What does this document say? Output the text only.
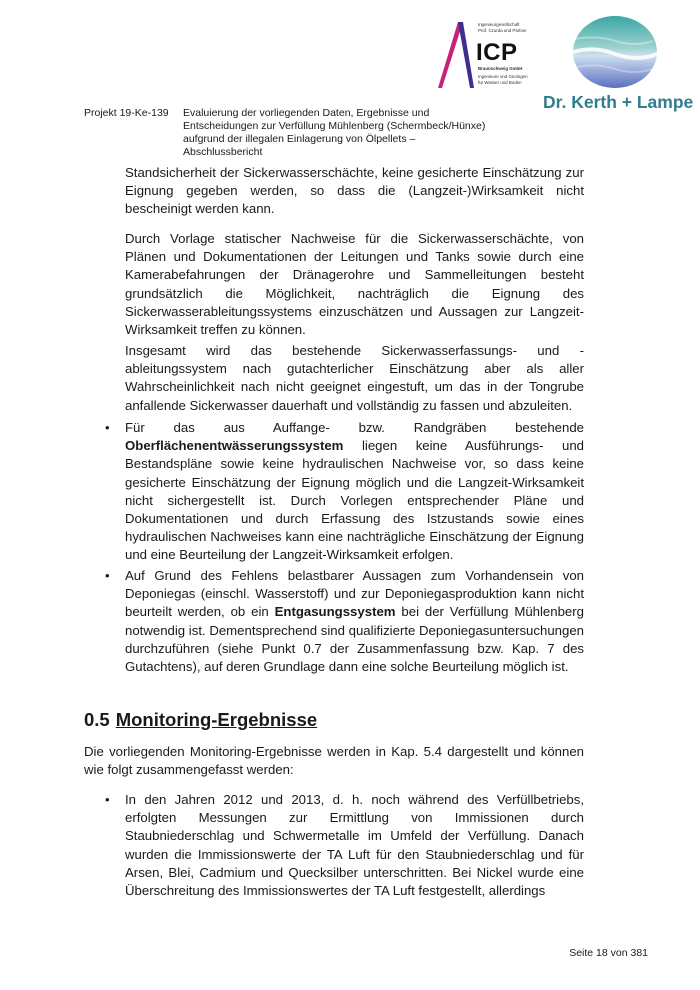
Projekt 19-Ke-139 Evaluierung der vorliegenden Daten, Ergebnisse und Entscheidungen zur Verfüllung Mühlenberg (Schermbeck/Hünxe) aufgrund der illegalen Einlagerung von Ölpellets – Abschlussbericht
Ingenieurgesellschaft
Prof. Czurda und Partner
ICP
Braunschweig GmbH
Ingenieure und Geologen
für Wasser und Boden
Dr. Kerth + Lampe
Standsicherheit der Sickerwasserschächte, keine gesicherte Einschätzung zur Eignung gegeben werden, so dass die (Langzeit-)Wirksamkeit nicht bescheinigt werden kann.
Durch Vorlage statischer Nachweise für die Sickerwasserschächte, von Plänen und Dokumentationen der Leitungen und Tanks sowie durch eine Kamerabefahrungen der Dränagerohre und Sammelleitungen besteht grundsätzlich die Möglichkeit, nachträglich die Eignung des Sickerwasserableitungssystems einzuschätzen und Aussagen zur Langzeit-Wirksamkeit treffen zu können.
Insgesamt wird das bestehende Sickerwasserfassungs- und -ableitungssystem nach gutachterlicher Einschätzung aber als aller Wahrscheinlichkeit nach nicht geeignet eingestuft, um das in der Tongrube anfallende Sickerwasser dauerhaft und vollständig zu fassen und abzuleiten.
• Für das aus Auffange- bzw. Randgräben bestehende Oberflächenentwässerungssystem liegen keine Ausführungs- und Bestandspläne sowie keine hydraulischen Nachweise vor, so dass keine gesicherte Einschätzung der Eignung möglich und die Langzeit-Wirksamkeit nicht sichergestellt ist. Durch Vorlegen entsprechender Pläne und Dokumentationen und durch Erfassung des Istzustands sowie eines hydraulischen Nachweises kann eine nachträgliche Einschätzung der Eignung und eine Beurteilung der Langzeit-Wirksamkeit erfolgen.
• Auf Grund des Fehlens belastbarer Aussagen zum Vorhandensein von Deponiegas (einschl. Wasserstoff) und zur Deponiegasproduktion kann nicht beurteilt werden, ob ein Entgasungssystem bei der Verfüllung Mühlenberg notwendig ist. Dementsprechend sind qualifizierte Deponiegasuntersuchungen durchzuführen (siehe Punkt 0.7 der Zusammenfassung bzw. Kap. 7 des Gutachtens), auf deren Grundlage dann eine solche Beurteilung möglich ist.
0.5 Monitoring-Ergebnisse
Die vorliegenden Monitoring-Ergebnisse werden in Kap. 5.4 dargestellt und können wie folgt zusammengefasst werden:
• In den Jahren 2012 und 2013, d. h. noch während des Verfüllbetriebs, erfolgten Messungen zur Ermittlung von Immissionen durch Staubniederschlag und Schwermetalle im Umfeld der Verfüllung. Danach wurden die Immissionswerte der TA Luft für den Staubniederschlag und für Arsen, Blei, Cadmium und Quecksilber unterschritten. Bei Nickel wurde eine Überschreitung des Immissionswertes der TA Luft festgestellt, allerdings
Seite 18 von 381
